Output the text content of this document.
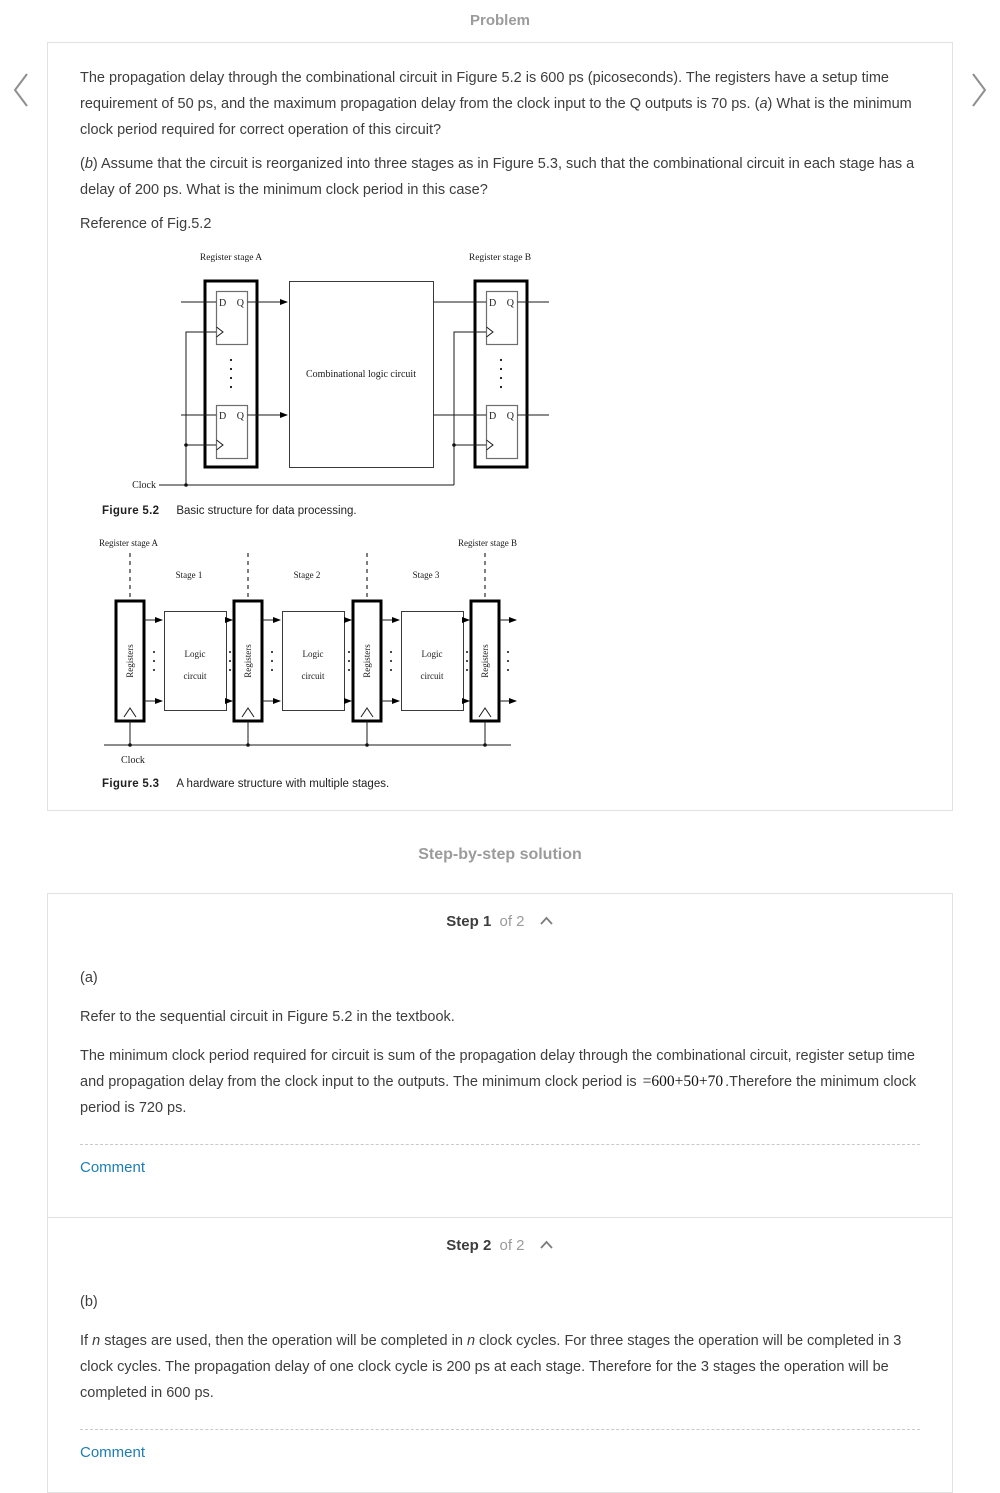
Problem

The propagation delay through the combinational circuit in Figure 5.2 is 600 ps (picoseconds). The registers have a setup time requirement of 50 ps, and the maximum propagation delay from the clock input to the Q outputs is 70 ps. (a) What is the minimum clock period required for correct operation of this circuit?

(b) Assume that the circuit is reorganized into three stages as in Figure 5.3, such that the combinational circuit in each stage has a delay of 200 ps. What is the minimum clock period in this case?

Reference of Fig.5.2

Register stage A	Register stage B
D Q
D Q
Combinational logic circuit
D Q
D Q
Clock
Figure 5.2 Basic structure for data processing.
Register stage A	Register stage B
Stage 1	Stage 2	Stage 3
Registers	Registers	Registers	Registers
Logic
circuit
Logic
circuit
Logic
circuit
Clock
Figure 5.3 A hardware structure with multiple stages.
Step-by-step solution
Step 1 of 2

(a)

Refer to the sequential circuit in Figure 5.2 in the textbook.

The minimum clock period required for circuit is sum of the propagation delay through the combinational circuit, register setup time and propagation delay from the clock input to the outputs. The minimum clock period is =600+50+70 .Therefore the minimum clock period is 720 ps.

Comment
Step 2 of 2

(b)

If n stages are used, then the operation will be completed in n clock cycles. For three stages the operation will be completed in 3 clock cycles. The propagation delay of one clock cycle is 200 ps at each stage. Therefore for the 3 stages the operation will be completed in 600 ps.

Comment
